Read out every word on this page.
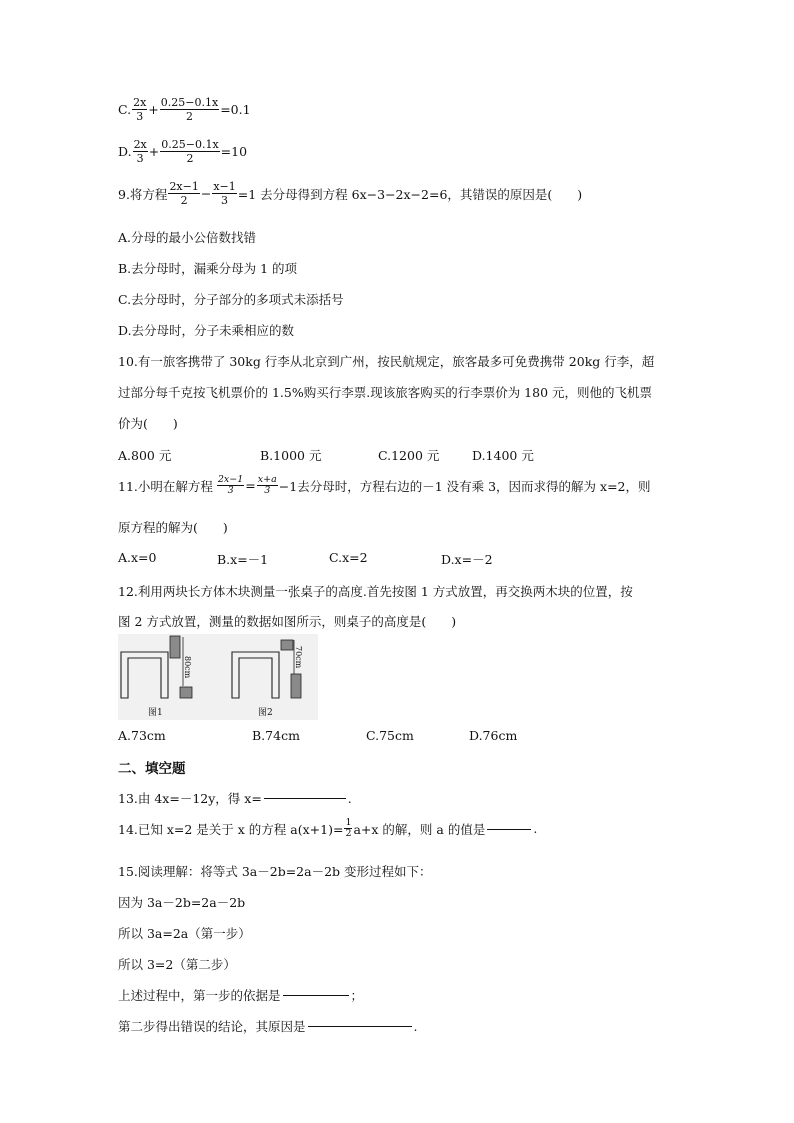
C. $\frac{2x}{3} + \frac{0.25-0.1x}{2} =0.1$
D. $\frac{2x}{3} + \frac{0.25-0.1x}{2} =10$
9.将方程 $\frac{2x-1}{2} - \frac{x-1}{3} =1$ 去分母得到方程 6x−3−2x−2=6，其错误的原因是(　　)
A.分母的最小公倍数找错
B.去分母时，漏乘分母为 1 的项
C.去分母时，分子部分的多项式未添括号
D.去分母时，分子未乘相应的数
10.有一旅客携带了 30kg 行李从北京到广州，按民航规定，旅客最多可免费携带 20kg 行李，超
过部分每千克按飞机票价的 1.5%购买行李票.现该旅客购买的行李票价为 180 元，则他的飞机票
价为(　　)
A.800 元	B.1000 元	C.1200 元	D.1400 元
11.小明在解方程 $\frac{2x-1}{3} = \frac{x+a}{3} -1$去分母时，方程右边的－1 没有乘 3，因而求得的解为 x=2，则
原方程的解为(　　)
A.x=0	B.x=－1	C.x=2	D.x=－2
12.利用两块长方体木块测量一张桌子的高度.首先按图 1 方式放置，再交换两木块的位置，按
图 2 方式放置，测量的数据如图所示，则桌子的高度是(　　)
80cm	70cm
图1	图2
A.73cm	B.74cm	C.75cm	D.76cm
二、填空题
13.由 4x=－12y，得 x=	.
14.已知 x=2 是关于 x 的方程 $a(x+1)= \frac{1}{2} a+x$ 的解，则 a 的值是	.
15.阅读理解：将等式 3a－2b=2a－2b 变形过程如下：
因为 3a－2b=2a－2b
所以 3a=2a（第一步）
所以 3=2（第二步）
上述过程中，第一步的依据是	；
第二步得出错误的结论，其原因是	.
